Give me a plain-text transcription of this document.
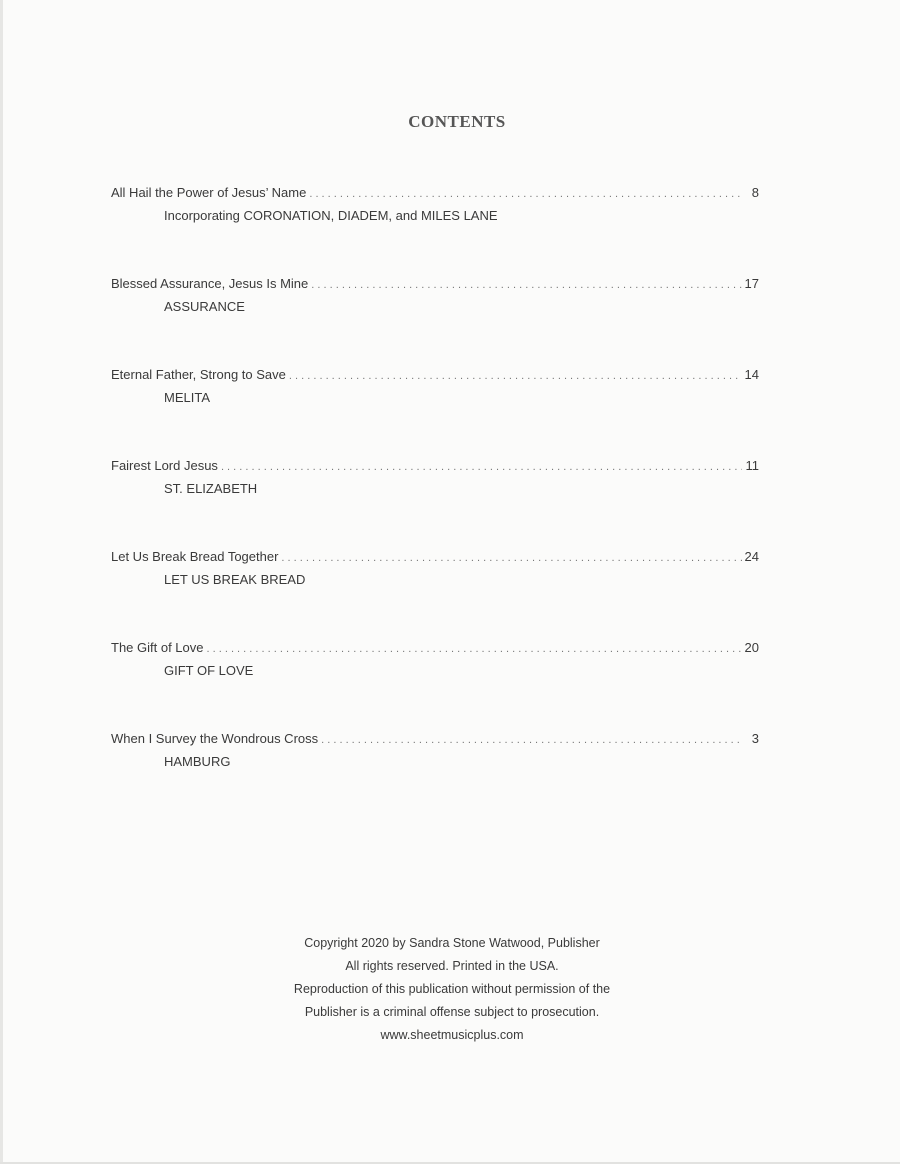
CONTENTS
All Hail the Power of Jesus’ Name . . .	8
Incorporating CORONATION, DIADEM, and MILES LANE
Blessed Assurance, Jesus Is Mine . . .	17
ASSURANCE
Eternal Father, Strong to Save . . .	14
MELITA
Fairest Lord Jesus . . .	11
ST. ELIZABETH
Let Us Break Bread Together . . .	24
LET US BREAK BREAD
The Gift of Love . . .	20
GIFT OF LOVE
When I Survey the Wondrous Cross . . .	3
HAMBURG
Copyright 2020 by Sandra Stone Watwood, Publisher
All rights reserved. Printed in the USA.
Reproduction of this publication without permission of the
Publisher is a criminal offense subject to prosecution.
www.sheetmusicplus.com
